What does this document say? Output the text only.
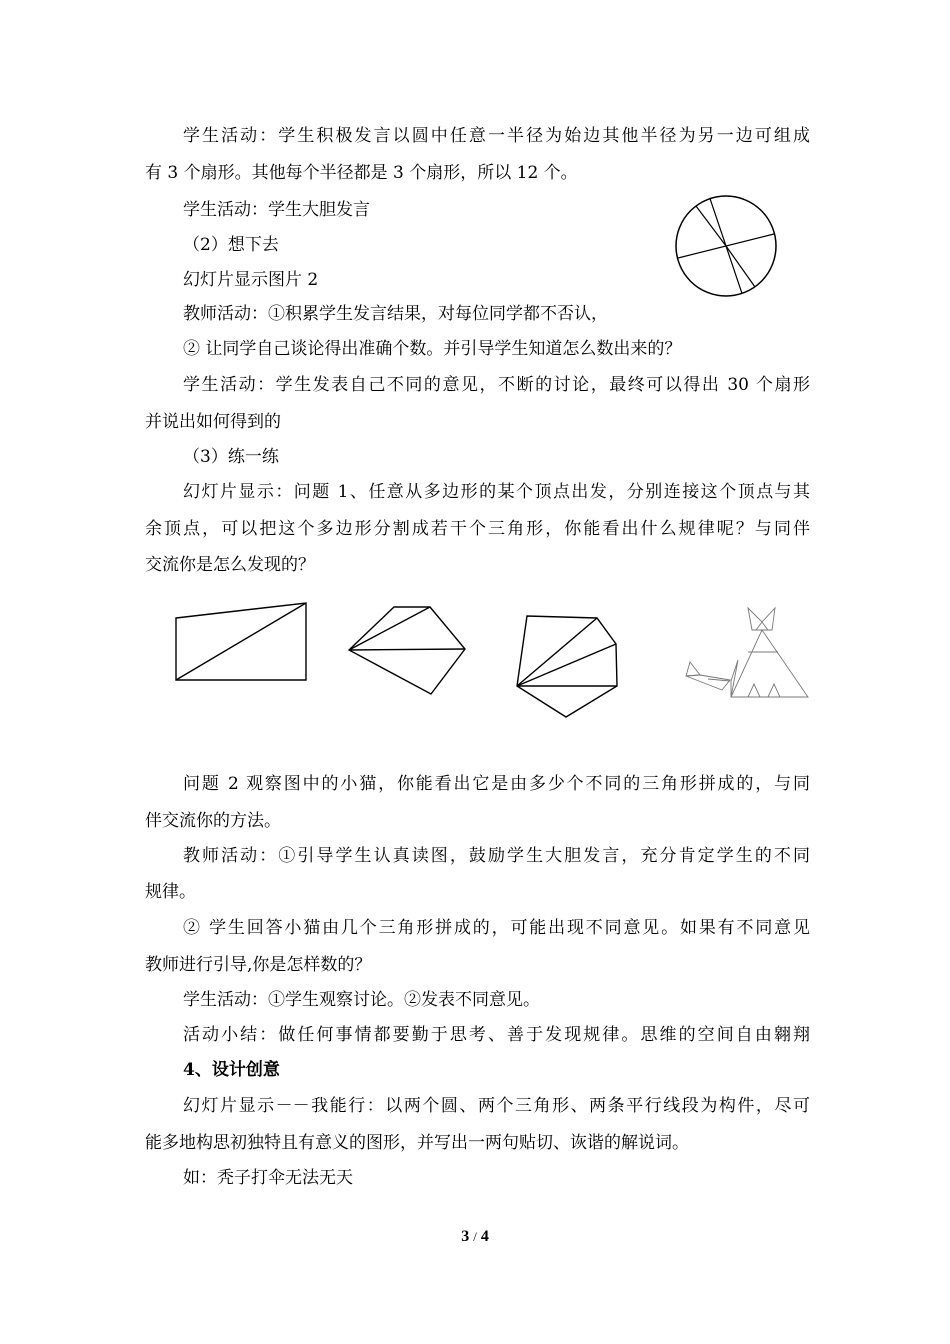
学生活动：学生积极发言以圆中任意一半径为始边其他半径为另一边可组成
有 3 个扇形。其他每个半径都是 3 个扇形，所以 12 个。
学生活动：学生大胆发言
（2）想下去
幻灯片显示图片 2
教师活动：①积累学生发言结果，对每位同学都不否认，
② 让同学自己谈论得出准确个数。并引导学生知道怎么数出来的？
学生活动：学生发表自己不同的意见，不断的讨论，最终可以得出 30 个扇形
并说出如何得到的
（3）练一练
幻灯片显示：问题 1、任意从多边形的某个顶点出发，分别连接这个顶点与其
余顶点，可以把这个多边形分割成若干个三角形，你能看出什么规律呢？与同伴
交流你是怎么发现的？
问题 2 观察图中的小猫，你能看出它是由多少个不同的三角形拼成的，与同
伴交流你的方法。
教师活动：①引导学生认真读图，鼓励学生大胆发言，充分肯定学生的不同
规律。
② 学生回答小猫由几个三角形拼成的，可能出现不同意见。如果有不同意见
教师进行引导,你是怎样数的？
学生活动：①学生观察讨论。②发表不同意见。
活动小结：做任何事情都要勤于思考、善于发现规律。思维的空间自由翱翔
4、设计创意
幻灯片显示－－我能行：以两个圆、两个三角形、两条平行线段为构件，尽可
能多地构思初独特且有意义的图形，并写出一两句贴切、诙谐的解说词。
如：秃子打伞无法无天
3 / 4
